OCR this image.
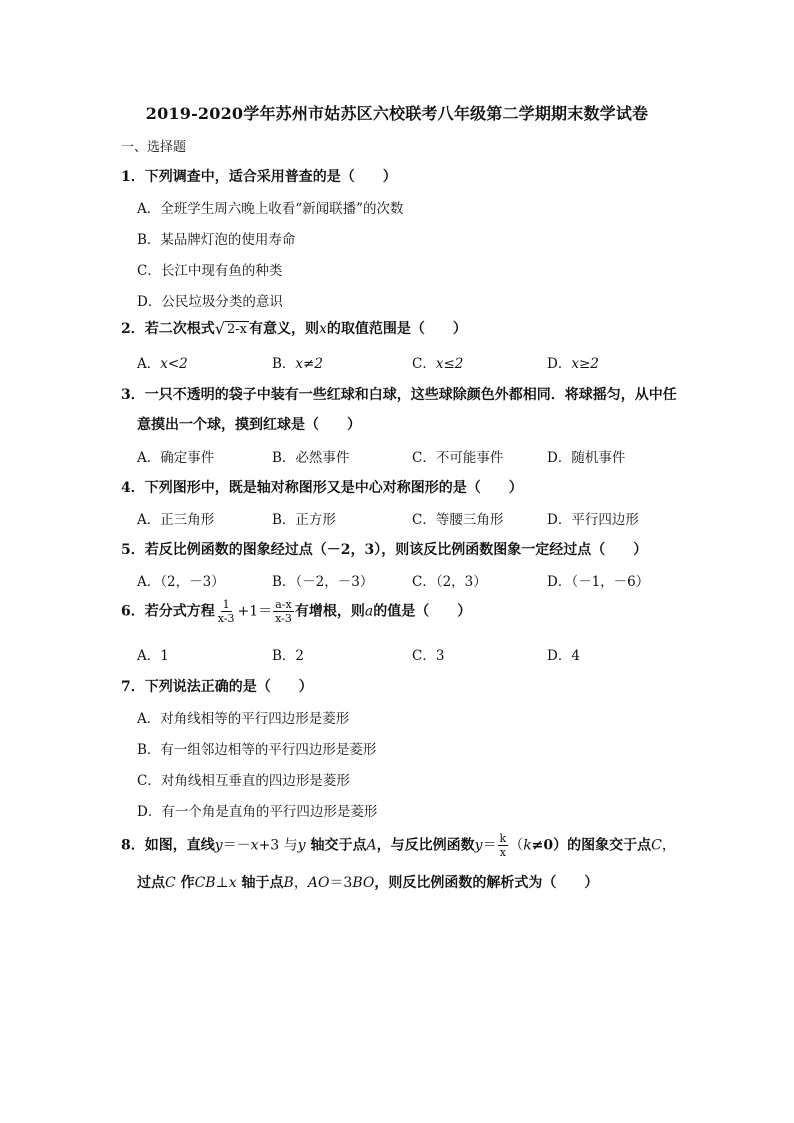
2019-2020学年苏州市姑苏区六校联考八年级第二学期期末数学试卷
一、选择题
1．下列调查中，适合采用普查的是（　　）
A．全班学生周六晚上收看“新闻联播”的次数
B．某品牌灯泡的使用寿命
C．长江中现有鱼的种类
D．公民垃圾分类的意识
2．若二次根式 √ 2-x 有意义，则x的取值范围是（　　）
A．x<2	B．x≠2	C．x≤2	D．x≥2
3．一只不透明的袋子中装有一些红球和白球，这些球除颜色外都相同．将球摇匀，从中任
意摸出一个球，摸到红球是（　　）
A．确定事件	B．必然事件	C．不可能事件	D．随机事件
4．下列图形中，既是轴对称图形又是中心对称图形的是（　　）
A．正三角形	B．正方形	C．等腰三角形	D．平行四边形
5．若反比例函数的图象经过点（－2，3），则该反比例函数图象一定经过点（　　）
A．（2，－3）	B．（－2，－3）	C．（2，3）	D．（－1，－6）
6．若分式方程 $\frac{1}{x-3} +1= \frac{a-x}{x-3}$ 有增根，则a的值是（　　）
A．1	B．2	C．3	D．4
7．下列说法正确的是（　　）
A．对角线相等的平行四边形是菱形
B．有一组邻边相等的平行四边形是菱形
C．对角线相互垂直的四边形是菱形
D．有一个角是直角的平行四边形是菱形
8．如图，直线y＝－x+3 与y 轴交于点A，与反比例函数$y= \frac{k}{x} (k\ne 0)$的图象交于点C，
过点C 作CB⊥x 轴于点B，AO＝3BO，则反比例函数的解析式为（　　）
